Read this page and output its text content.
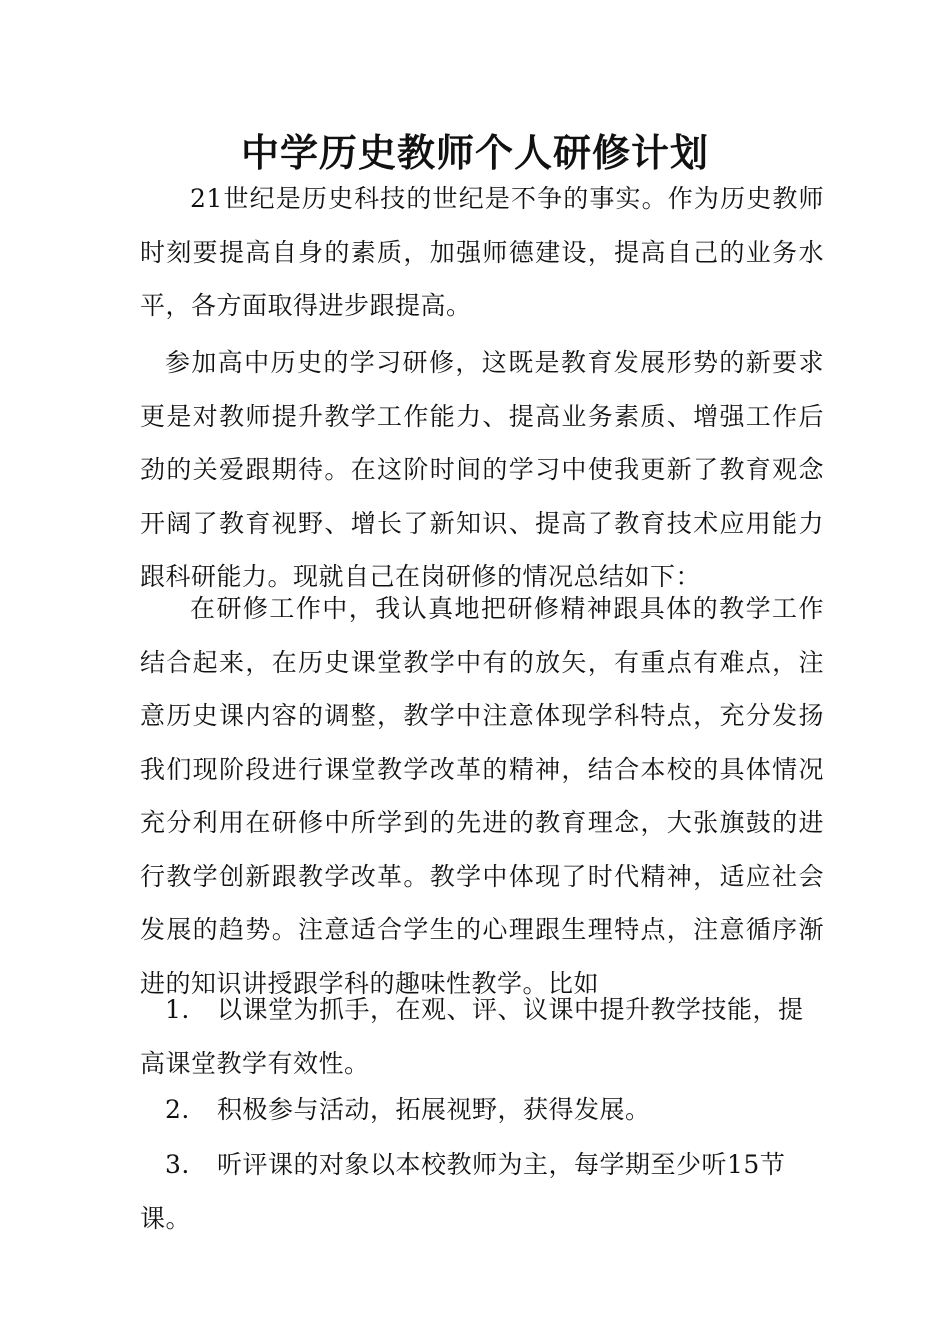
中学历史教师个人研修计划

21世纪是历史科技的世纪是不争的事实。作为历史教师时刻要提高自身的素质，加强师德建设，提高自己的业务水平，各方面取得进步跟提高。

参加高中历史的学习研修，这既是教育发展形势的新要求更是对教师提升教学工作能力、提高业务素质、增强工作后劲的关爱跟期待。在这阶时间的学习中使我更新了教育观念开阔了教育视野、增长了新知识、提高了教育技术应用能力跟科研能力。现就自己在岗研修的情况总结如下：

在研修工作中，我认真地把研修精神跟具体的教学工作结合起来，在历史课堂教学中有的放矢，有重点有难点，注意历史课内容的调整，教学中注意体现学科特点，充分发扬我们现阶段进行课堂教学改革的精神，结合本校的具体情况充分利用在研修中所学到的先进的教育理念，大张旗鼓的进行教学创新跟教学改革。教学中体现了时代精神，适应社会发展的趋势。注意适合学生的心理跟生理特点，注意循序渐进的知识讲授跟学科的趣味性教学。比如

1. 以课堂为抓手，在观、评、议课中提升教学技能，提高课堂教学有效性。

2. 积极参与活动，拓展视野，获得发展。

3. 听评课的对象以本校教师为主，每学期至少听15节课。
